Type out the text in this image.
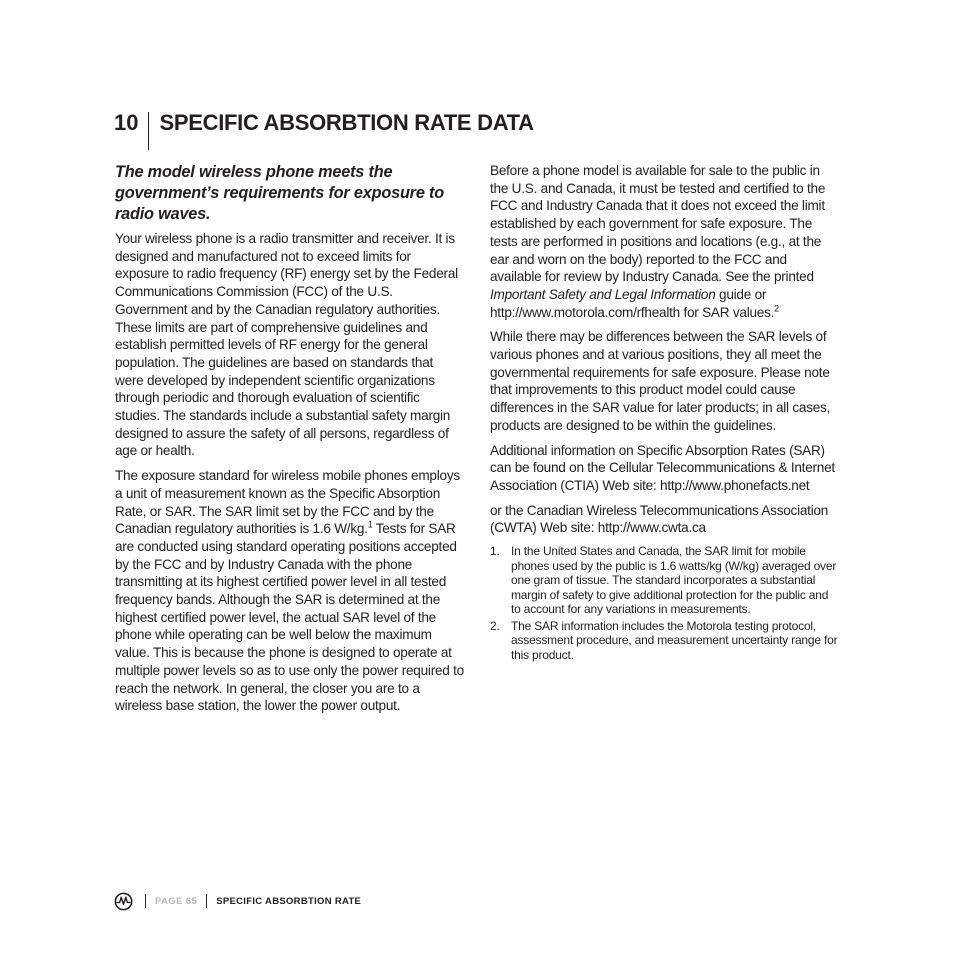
10 SPECIFIC ABSORBTION RATE DATA
The model wireless phone meets the government’s requirements for exposure to radio waves.

Your wireless phone is a radio transmitter and receiver. It is designed and manufactured not to exceed limits for exposure to radio frequency (RF) energy set by the Federal Communications Commission (FCC) of the U.S. Government and by the Canadian regulatory authorities. These limits are part of comprehensive guidelines and establish permitted levels of RF energy for the general population. The guidelines are based on standards that were developed by independent scientific organizations through periodic and thorough evaluation of scientific studies. The standards include a substantial safety margin designed to assure the safety of all persons, regardless of age or health.

The exposure standard for wireless mobile phones employs a unit of measurement known as the Specific Absorption Rate, or SAR. The SAR limit set by the FCC and by the Canadian regulatory authorities is 1.6 W/kg.$^1$ Tests for SAR are conducted using standard operating positions accepted by the FCC and by Industry Canada with the phone transmitting at its highest certified power level in all tested frequency bands. Although the SAR is determined at the highest certified power level, the actual SAR level of the phone while operating can be well below the maximum value. This is because the phone is designed to operate at multiple power levels so as to use only the power required to reach the network. In general, the closer you are to a wireless base station, the lower the power output.

Before a phone model is available for sale to the public in the U.S. and Canada, it must be tested and certified to the FCC and Industry Canada that it does not exceed the limit established by each government for safe exposure. The tests are performed in positions and locations (e.g., at the ear and worn on the body) reported to the FCC and available for review by Industry Canada. See the printed Important Safety and Legal Information guide or http://www.motorola.com/rfhealth for SAR values.$^2$

While there may be differences between the SAR levels of various phones and at various positions, they all meet the governmental requirements for safe exposure. Please note that improvements to this product model could cause differences in the SAR value for later products; in all cases, products are designed to be within the guidelines.

Additional information on Specific Absorption Rates (SAR) can be found on the Cellular Telecommunications & Internet Association (CTIA) Web site: http://www.phonefacts.net

or the Canadian Wireless Telecommunications Association (CWTA) Web site: http://www.cwta.ca

1. In the United States and Canada, the SAR limit for mobile phones used by the public is 1.6 watts/kg (W/kg) averaged over one gram of tissue. The standard incorporates a substantial margin of safety to give additional protection for the public and to account for any variations in measurements.
2. The SAR information includes the Motorola testing protocol, assessment procedure, and measurement uncertainty range for this product.
PAGE 65 SPECIFIC ABSORBTION RATE
